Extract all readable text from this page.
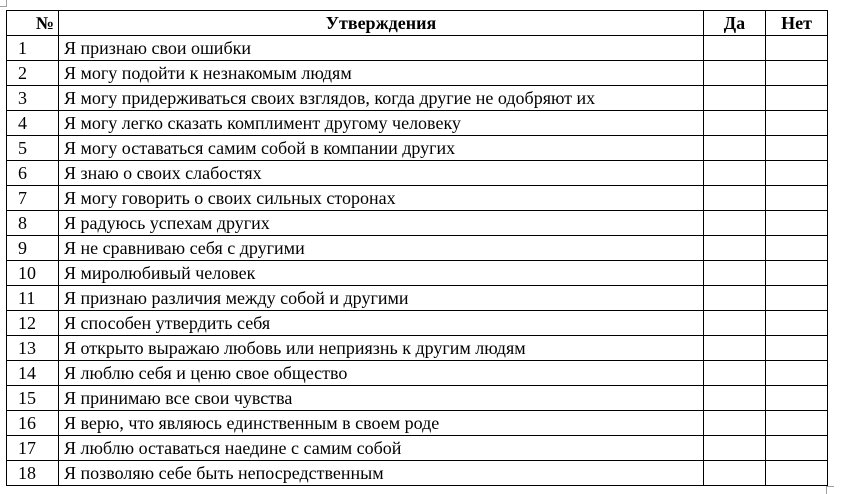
№	Утверждения	Да	Нет
1	Я признаю свои ошибки		
2	Я могу подойти к незнакомым людям		
3	Я могу придерживаться своих взглядов, когда другие не одобряют их		
4	Я могу легко сказать комплимент другому человеку		
5	Я могу оставаться самим собой в компании других		
6	Я знаю о своих слабостях		
7	Я могу говорить о своих сильных сторонах		
8	Я радуюсь успехам других		
9	Я не сравниваю себя с другими		
10	Я миролюбивый человек		
11	Я признаю различия между собой и другими		
12	Я способен утвердить себя		
13	Я открыто выражаю любовь или неприязнь к другим людям		
14	Я люблю себя и ценю свое общество		
15	Я принимаю все свои чувства		
16	Я верю, что являюсь единственным в своем роде		
17	Я люблю оставаться наедине с самим собой		
18	Я позволяю себе быть непосредственным		
